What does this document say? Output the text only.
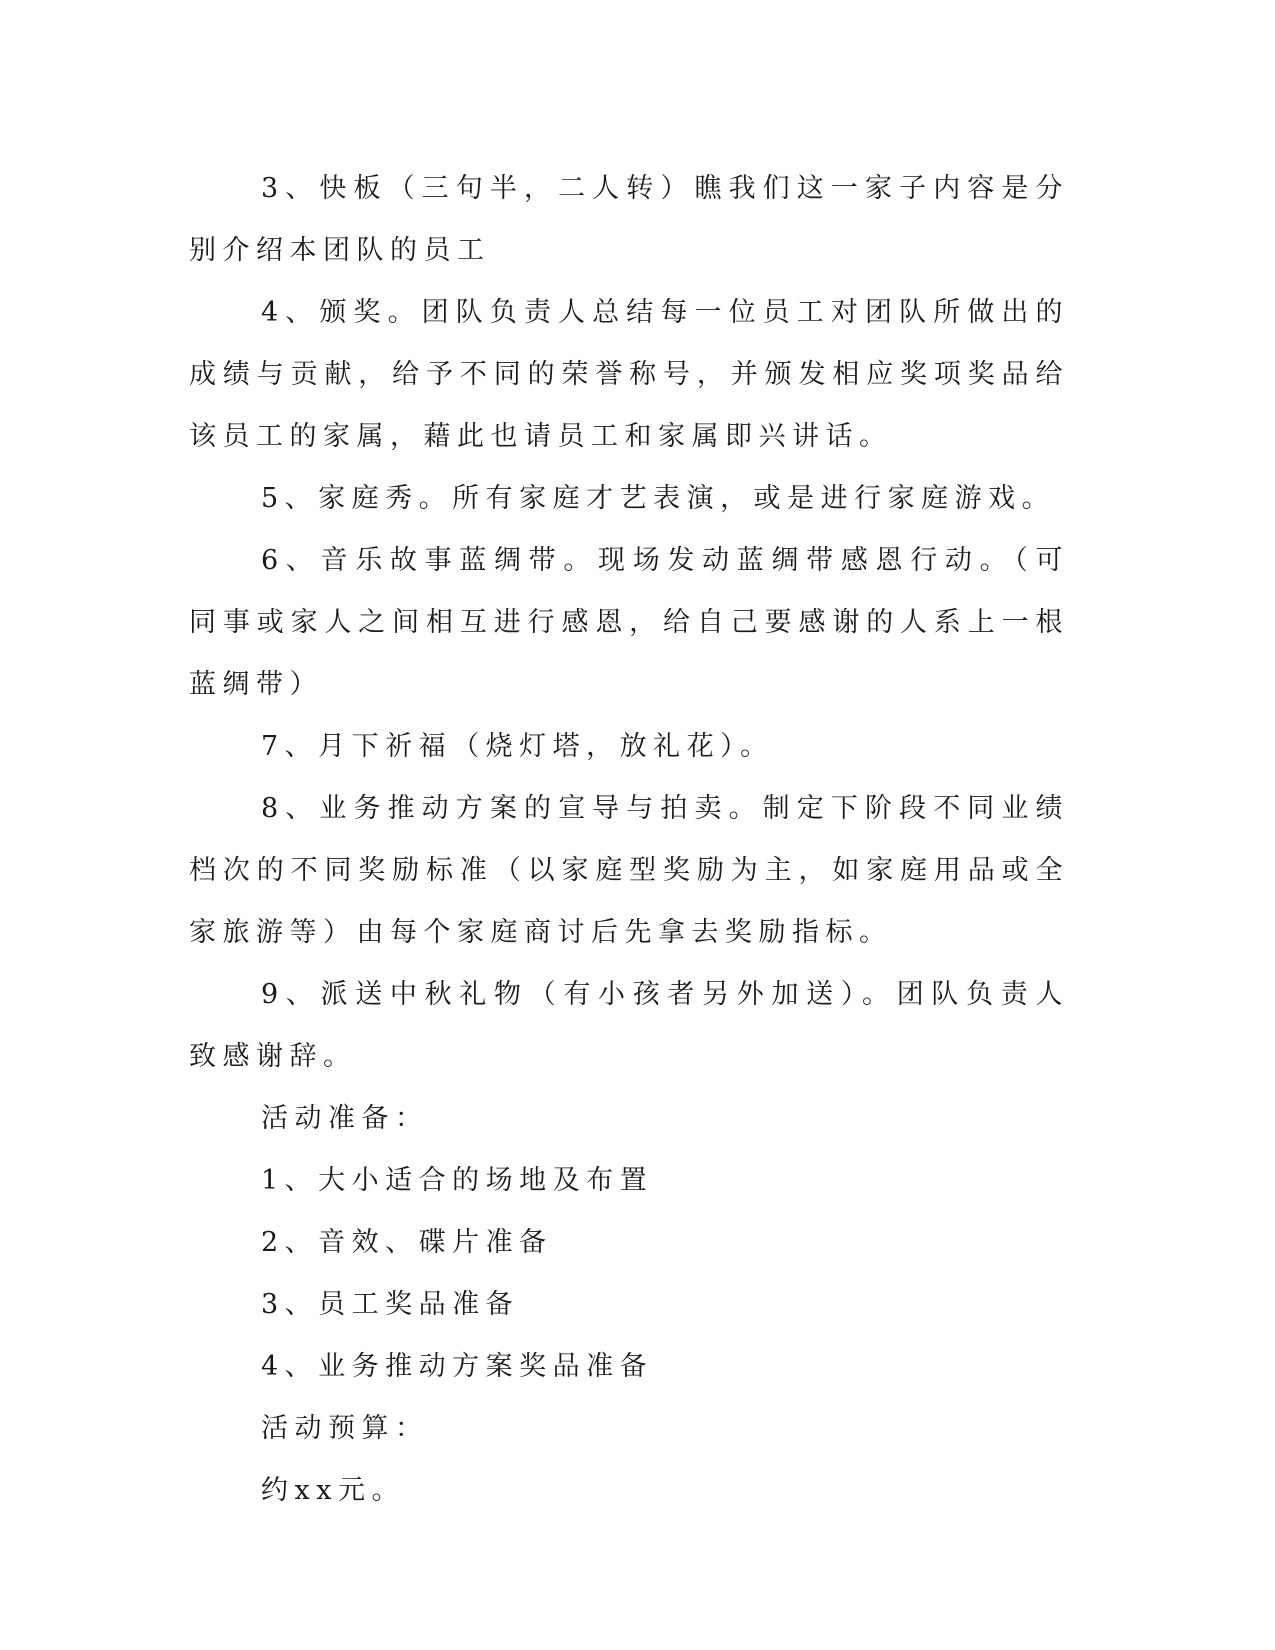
3、快板（三句半，二人转）瞧我们这一家子内容是分别介绍本团队的员工

4、颁奖。团队负责人总结每一位员工对团队所做出的成绩与贡献，给予不同的荣誉称号，并颁发相应奖项奖品给该员工的家属，藉此也请员工和家属即兴讲话。

5、家庭秀。所有家庭才艺表演，或是进行家庭游戏。

6、音乐故事蓝绸带。现场发动蓝绸带感恩行动。（可同事或家人之间相互进行感恩，给自己要感谢的人系上一根蓝绸带）

7、月下祈福（烧灯塔，放礼花）。

8、业务推动方案的宣导与拍卖。制定下阶段不同业绩档次的不同奖励标准（以家庭型奖励为主，如家庭用品或全家旅游等）由每个家庭商讨后先拿去奖励指标。

9、派送中秋礼物（有小孩者另外加送）。团队负责人致感谢辞。

活动准备：

1、大小适合的场地及布置

2、音效、碟片准备

3、员工奖品准备

4、业务推动方案奖品准备

活动预算：

约xx元。
